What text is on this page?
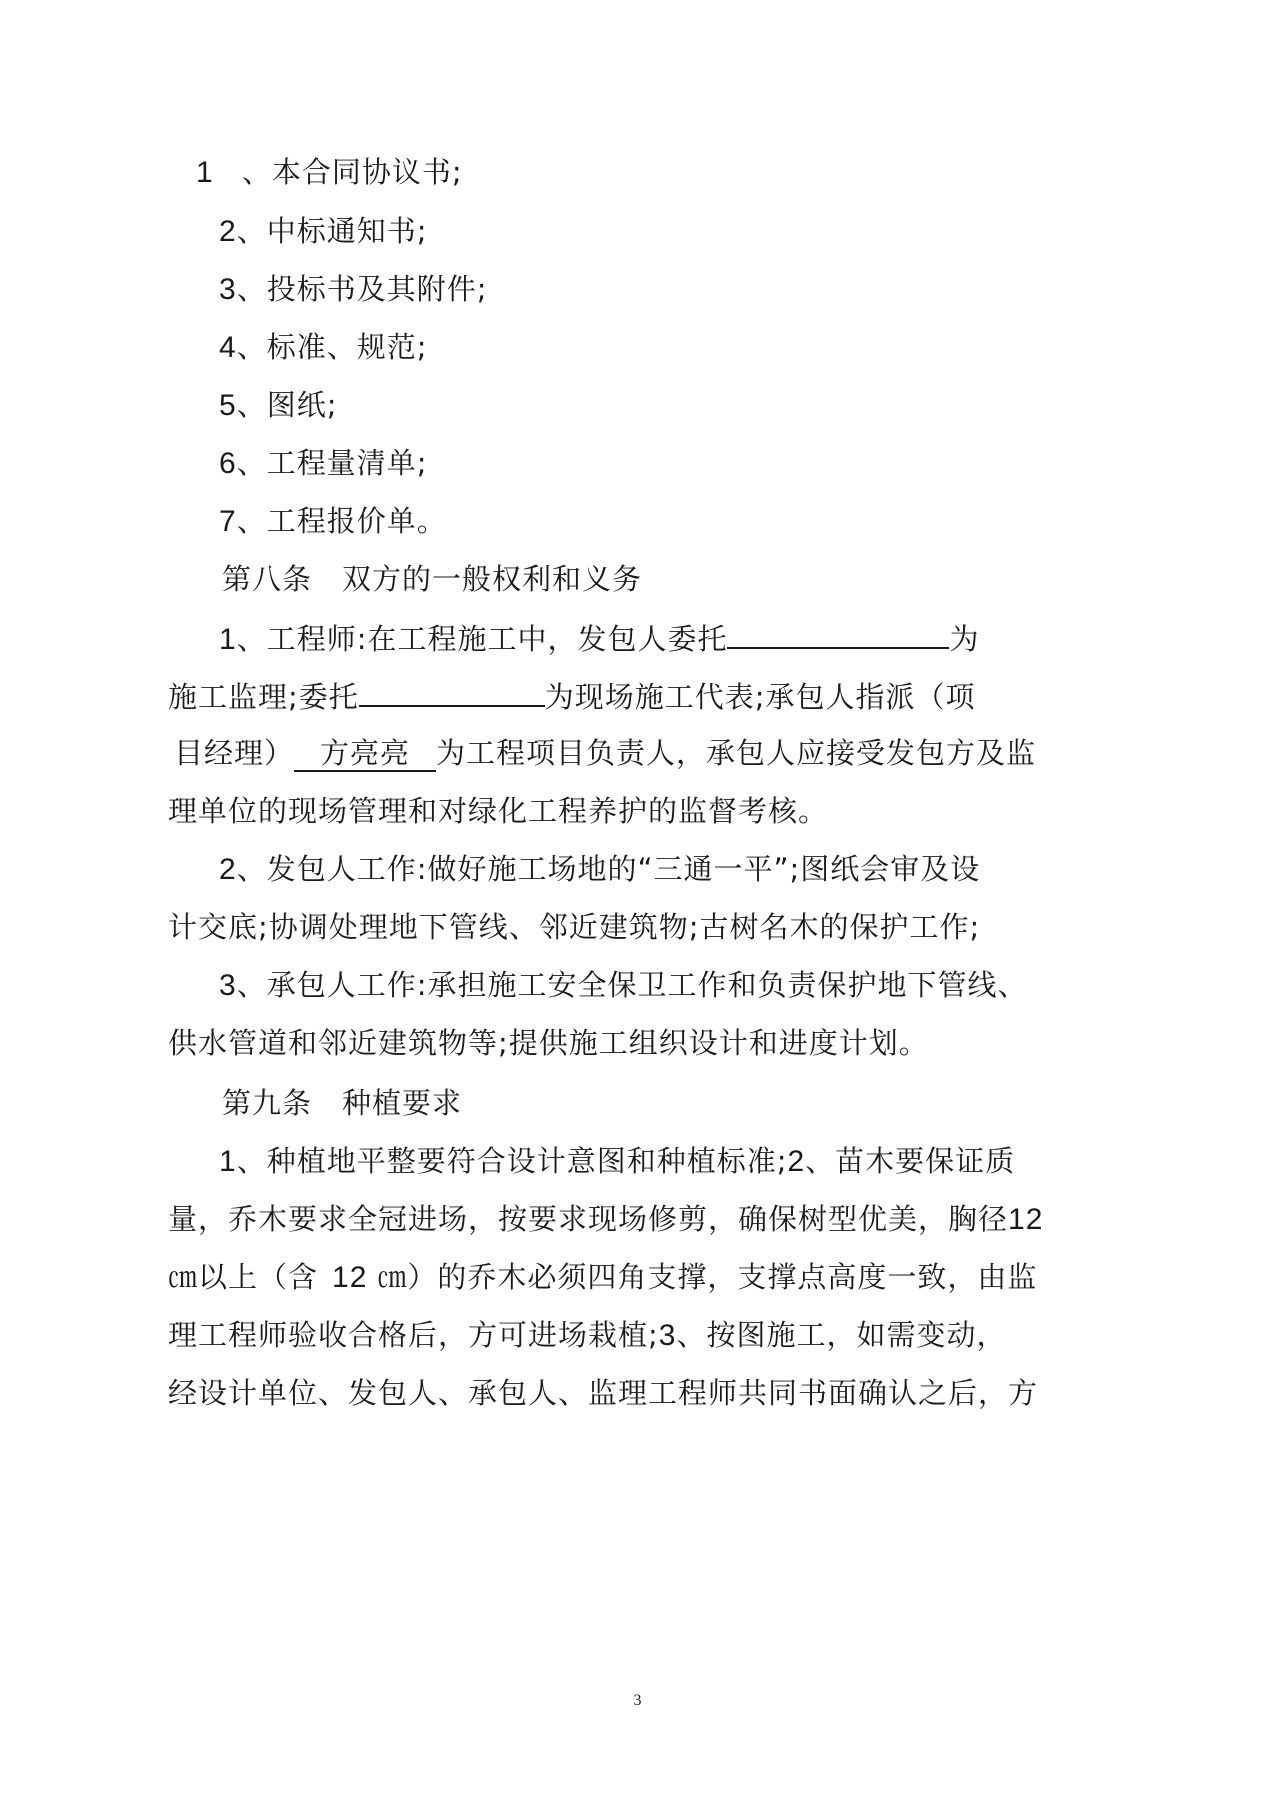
1 、本合同协议书;
2、中标通知书;
3、投标书及其附件;
4、标准、规范;
5、图纸;
6、工程量清单;
7、工程报价单。
第八条　双方的一般权利和义务
1、工程师:在工程施工中，发包人委托	为
施工监理;委托	为现场施工代表;承包人指派（项
目经理） 方亮亮 为工程项目负责人，承包人应接受发包方及监
理单位的现场管理和对绿化工程养护的监督考核。
2、发包人工作:做好施工场地的“三通一平”;图纸会审及设
计交底;协调处理地下管线、邻近建筑物;古树名木的保护工作;
3、承包人工作:承担施工安全保卫工作和负责保护地下管线、
供水管道和邻近建筑物等;提供施工组织设计和进度计划。
第九条　种植要求
1、种植地平整要符合设计意图和种植标准;2、苗木要保证质
量，乔木要求全冠进场，按要求现场修剪，确保树型优美，胸径12
㎝以上（含 12 ㎝）的乔木必须四角支撑，支撑点高度一致，由监
理工程师验收合格后，方可进场栽植;3、按图施工，如需变动，
经设计单位、发包人、承包人、监理工程师共同书面确认之后，方
3
